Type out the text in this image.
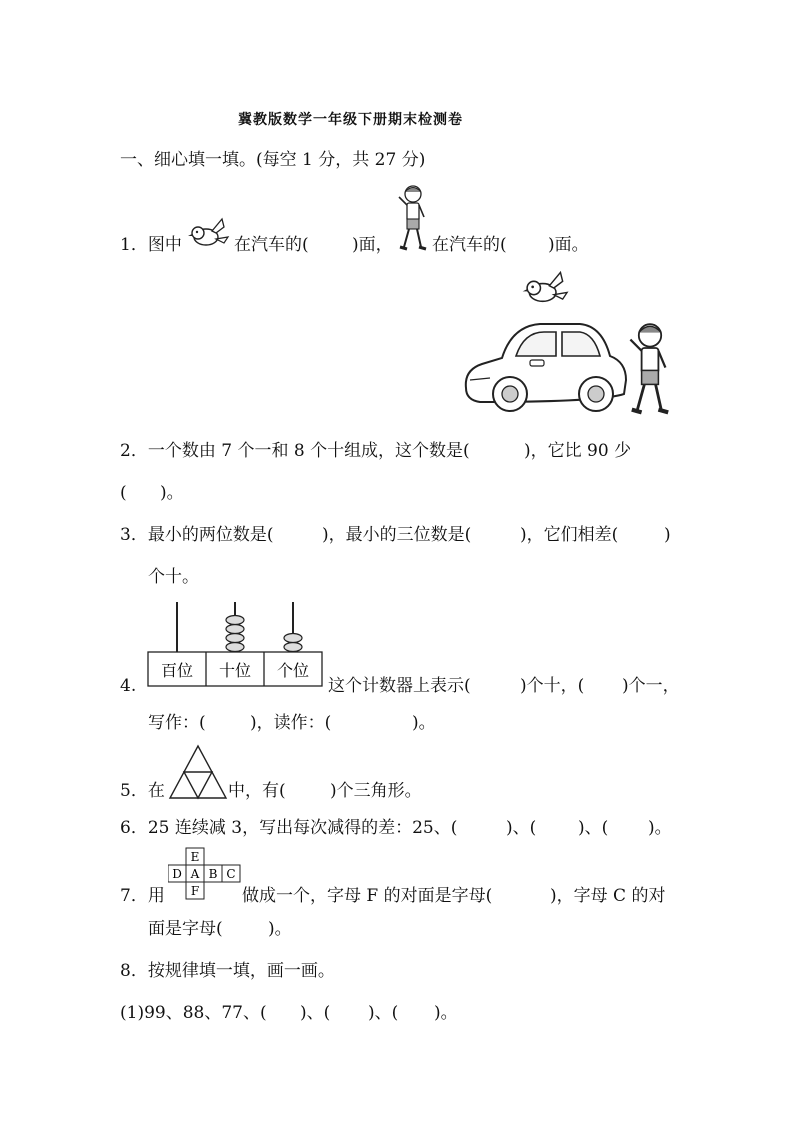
冀教版数学一年级下册期末检测卷
一、细心填一填。(每空 1 分，共 27 分)
1．图中	在汽车的(	)面， 在汽车的( )面。
2．一个数由 7 个一和 8 个十组成，这个数是(	)，它比 90 少
( )。
3．最小的两位数是(	)，最小的三位数是(	)，它们相差(	)
个十。
4.
百位 十位 个位
这个计数器上表示(	)个十，( )个一，
写作：(	)，读作：(	)。
5．在	中，有(	)个三角形。
6．25 连续减 3，写出每次减得的差：25、(	)、( )、( )。
7．用
E
D A B C
F	做成一个，字母 F 的对面是字母(	)，字母 C 的对
面是字母(	)。
8．按规律填一填，画一画。
(1)99、88、77、( )、( )、( )。
